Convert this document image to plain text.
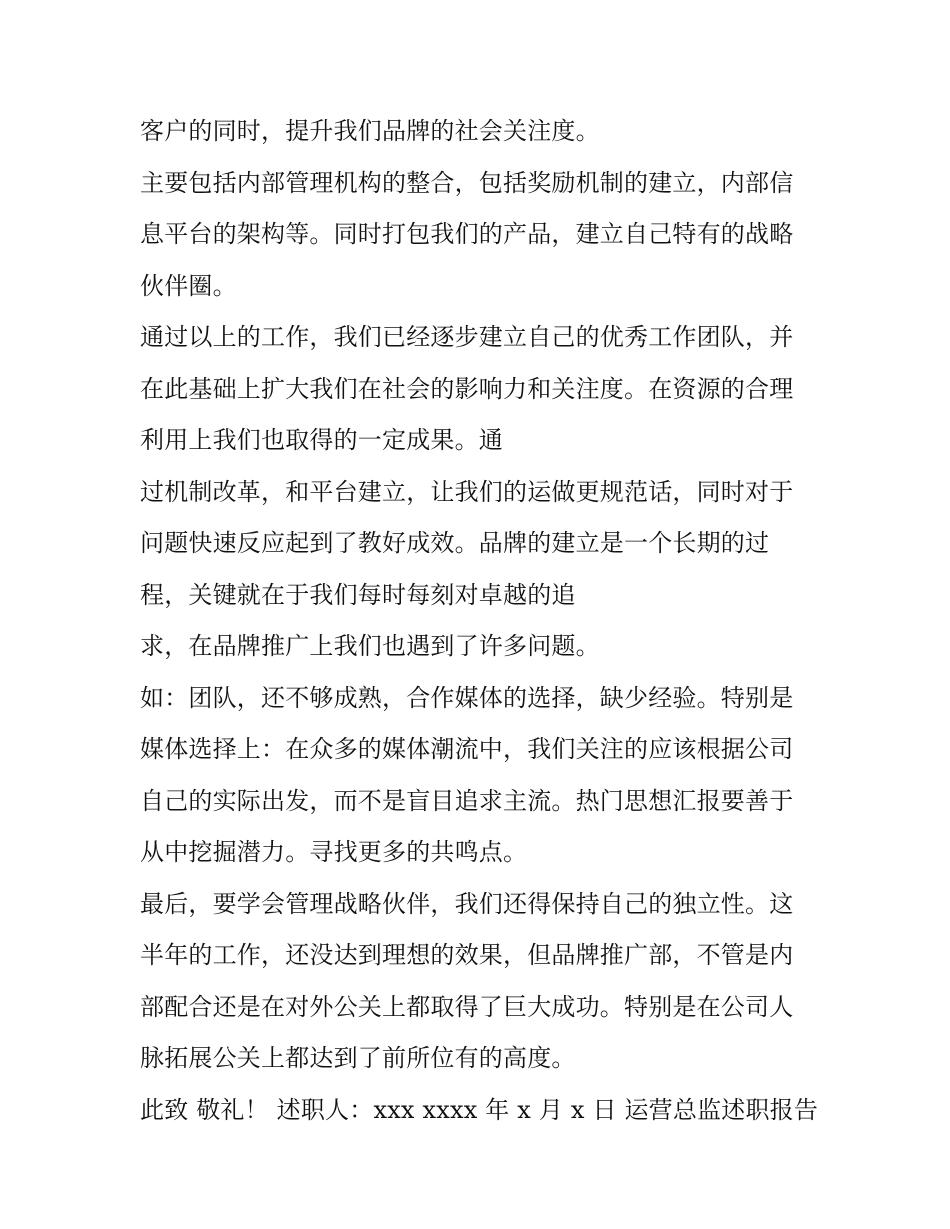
客户的同时，提升我们品牌的社会关注度。
主要包括内部管理机构的整合，包括奖励机制的建立，内部信
息平台的架构等。同时打包我们的产品，建立自己特有的战略
伙伴圈。
通过以上的工作，我们已经逐步建立自己的优秀工作团队，并
在此基础上扩大我们在社会的影响力和关注度。在资源的合理
利用上我们也取得的一定成果。通
过机制改革，和平台建立，让我们的运做更规范话，同时对于
问题快速反应起到了教好成效。品牌的建立是一个长期的过
程，关键就在于我们每时每刻对卓越的追
求，在品牌推广上我们也遇到了许多问题。
如：团队，还不够成熟，合作媒体的选择，缺少经验。特别是
媒体选择上：在众多的媒体潮流中，我们关注的应该根据公司
自己的实际出发，而不是盲目追求主流。热门思想汇报要善于
从中挖掘潜力。寻找更多的共鸣点。
最后，要学会管理战略伙伴，我们还得保持自己的独立性。这
半年的工作，还没达到理想的效果，但品牌推广部，不管是内
部配合还是在对外公关上都取得了巨大成功。特别是在公司人
脉拓展公关上都达到了前所位有的高度。
此致 敬礼！ 述职人：xxx xxxx 年 x 月 x 日 运营总监述职报告
